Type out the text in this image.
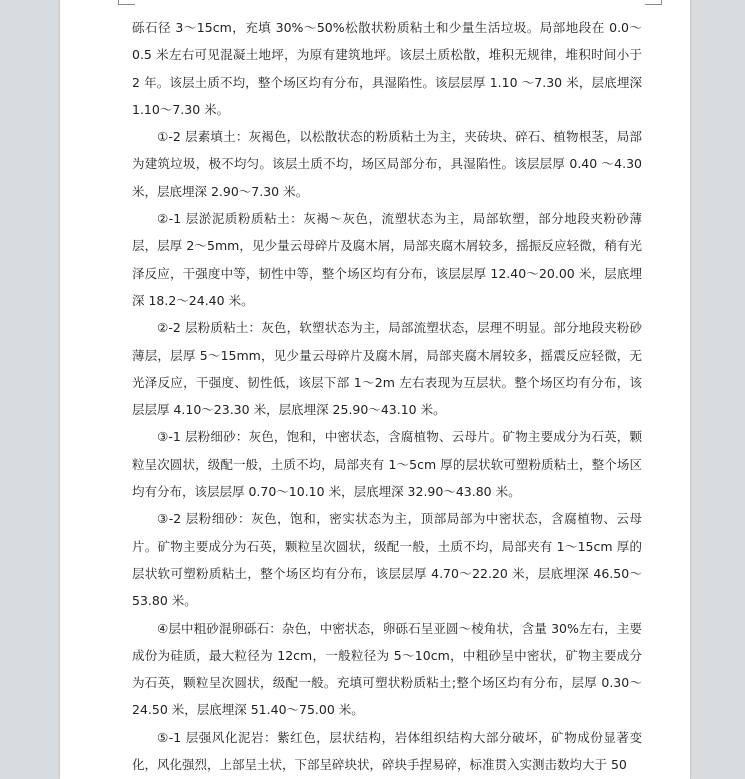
砾石径 3～15cm，充填 30%～50%松散状粉质粘土和少量生活垃圾。局部地段在 0.0～0.5 米左右可见混凝土地坪，为原有建筑地坪。该层土质松散，堆积无规律，堆积时间小于 2 年。该层土质不均，整个场区均有分布，具湿陷性。该层层厚 1.10 ～7.30 米，层底埋深 1.10～7.30 米。

①-2 层素填土：灰褐色，以松散状态的粉质粘土为主，夹砖块、碎石、植物根茎，局部为建筑垃圾，极不均匀。该层土质不均，场区局部分布，具湿陷性。该层层厚 0.40 ～4.30 米，层底埋深 2.90～7.30 米。

②-1 层淤泥质粉质粘土：灰褐～灰色，流塑状态为主，局部软塑，部分地段夹粉砂薄层，层厚 2～5mm，见少量云母碎片及腐木屑，局部夹腐木屑较多，摇振反应轻微，稍有光泽反应，干强度中等，韧性中等，整个场区均有分布，该层层厚 12.40～20.00 米，层底埋深 18.2～24.40 米。

②-2 层粉质粘土：灰色，软塑状态为主，局部流塑状态，层理不明显。部分地段夹粉砂薄层，层厚 5～15mm，见少量云母碎片及腐木屑，局部夹腐木屑较多，摇震反应轻微，无光泽反应，干强度、韧性低，该层下部 1～2m 左右表现为互层状。整个场区均有分布，该层层厚 4.10～23.30 米，层底埋深 25.90～43.10 米。

③-1 层粉细砂：灰色，饱和，中密状态，含腐植物、云母片。矿物主要成分为石英，颗粒呈次圆状，级配一般，土质不均，局部夹有 1～5cm 厚的层状软可塑粉质粘土，整个场区均有分布，该层层厚 0.70～10.10 米，层底埋深 32.90～43.80 米。

③-2 层粉细砂：灰色，饱和，密实状态为主，顶部局部为中密状态，含腐植物、云母片。矿物主要成分为石英，颗粒呈次圆状，级配一般，土质不均，局部夹有 1～15cm 厚的层状软可塑粉质粘土，整个场区均有分布，该层层厚 4.70～22.20 米，层底埋深 46.50～53.80 米。

④层中粗砂混卵砾石：杂色，中密状态，卵砾石呈亚圆～棱角状，含量 30%左右，主要成份为硅质，最大粒径为 12cm，一般粒径为 5～10cm，中粗砂呈中密状，矿物主要成分为石英，颗粒呈次圆状，级配一般。充填可塑状粉质粘土;整个场区均有分布，层厚 0.30～24.50 米，层底埋深 51.40～75.00 米。

⑤-1 层强风化泥岩：紫红色，层状结构，岩体组织结构大部分破坏，矿物成份显著变化，风化强烈，上部呈土状，下部呈碎块状，碎块手捏易碎，标准贯入实测击数均大于 50
